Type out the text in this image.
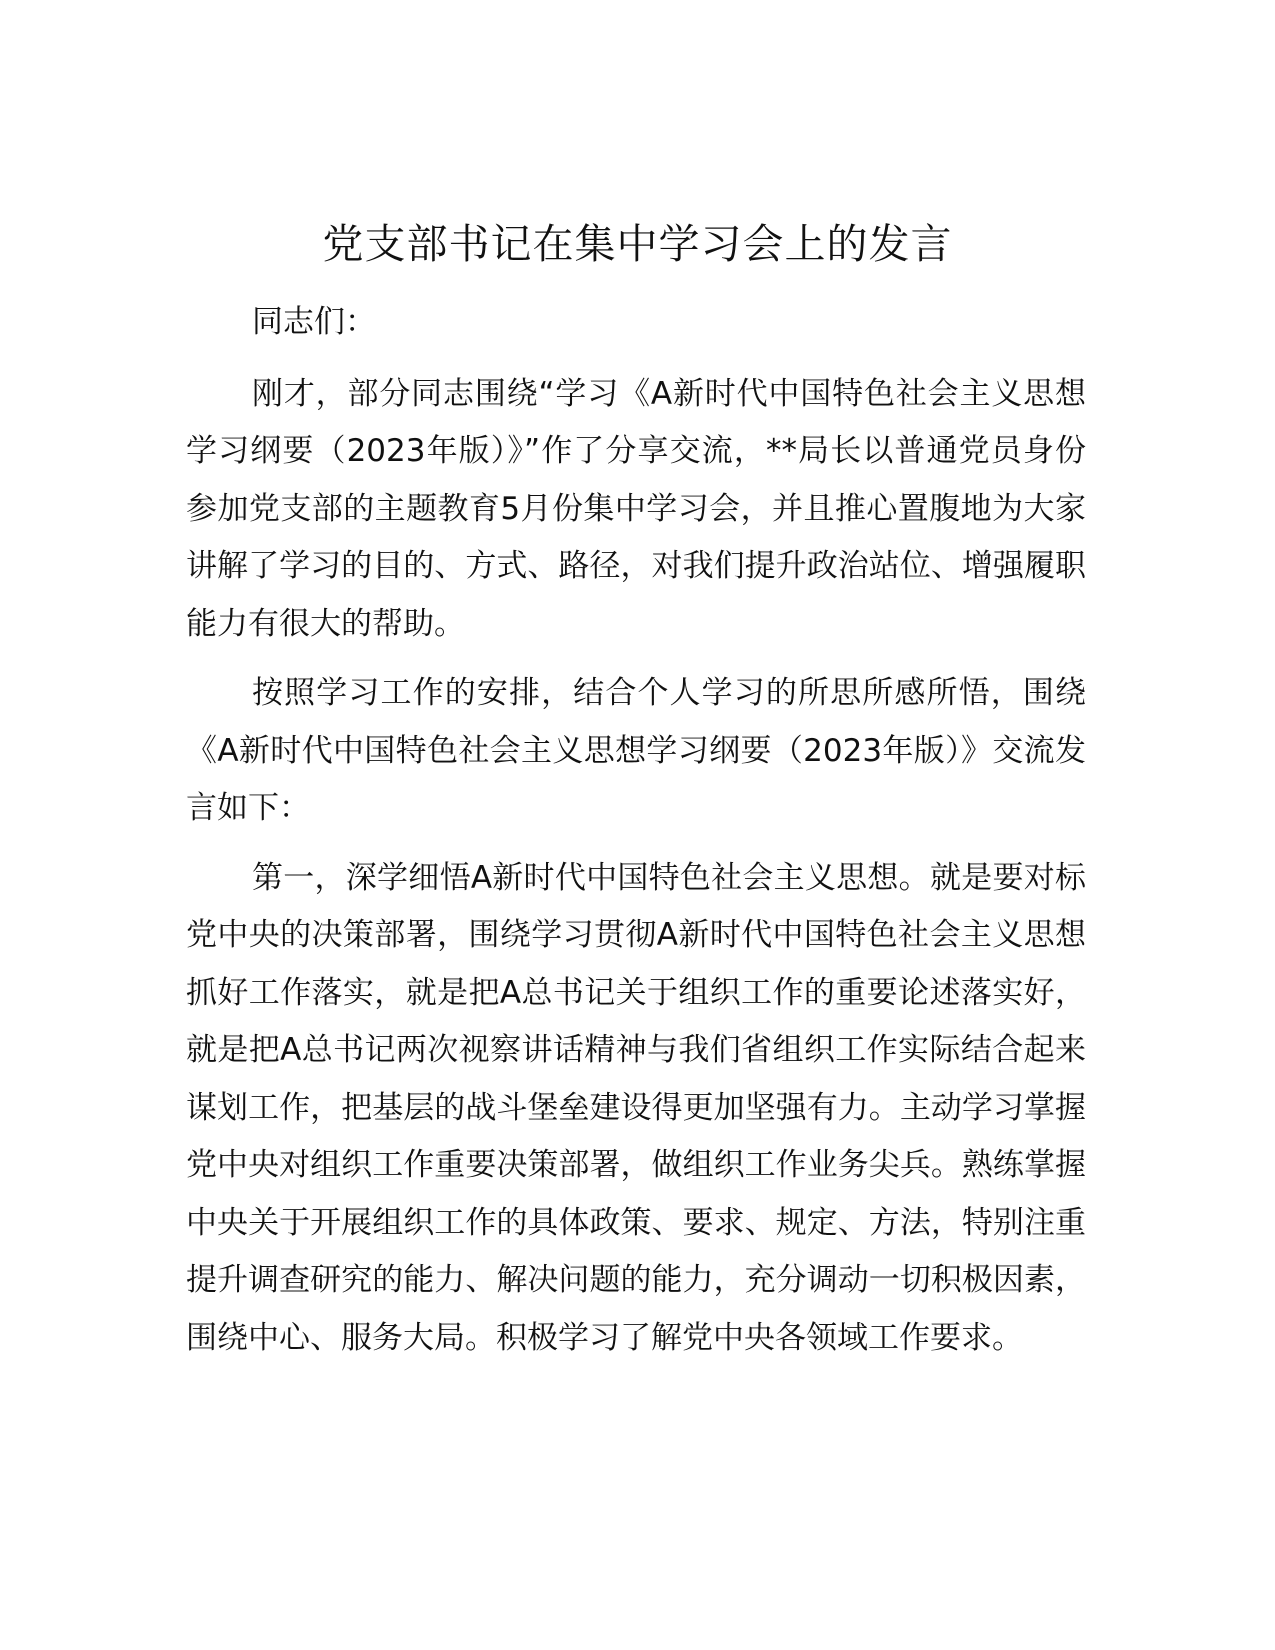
党支部书记在集中学习会上的发言

同志们：

刚才，部分同志围绕“学习《A新时代中国特色社会主义思想学习纲要（2023年版）》”作了分享交流，**局长以普通党员身份参加党支部的主题教育5月份集中学习会，并且推心置腹地为大家讲解了学习的目的、方式、路径，对我们提升政治站位、增强履职能力有很大的帮助。

按照学习工作的安排，结合个人学习的所思所感所悟，围绕《A新时代中国特色社会主义思想学习纲要（2023年版）》交流发言如下：

第一，深学细悟A新时代中国特色社会主义思想。就是要对标党中央的决策部署，围绕学习贯彻A新时代中国特色社会主义思想抓好工作落实，就是把A总书记关于组织工作的重要论述落实好，就是把A总书记两次视察讲话精神与我们省组织工作实际结合起来谋划工作，把基层的战斗堡垒建设得更加坚强有力。主动学习掌握党中央对组织工作重要决策部署，做组织工作业务尖兵。熟练掌握中央关于开展组织工作的具体政策、要求、规定、方法，特别注重提升调查研究的能力、解决问题的能力，充分调动一切积极因素，围绕中心、服务大局。积极学习了解党中央各领域工作要求。
